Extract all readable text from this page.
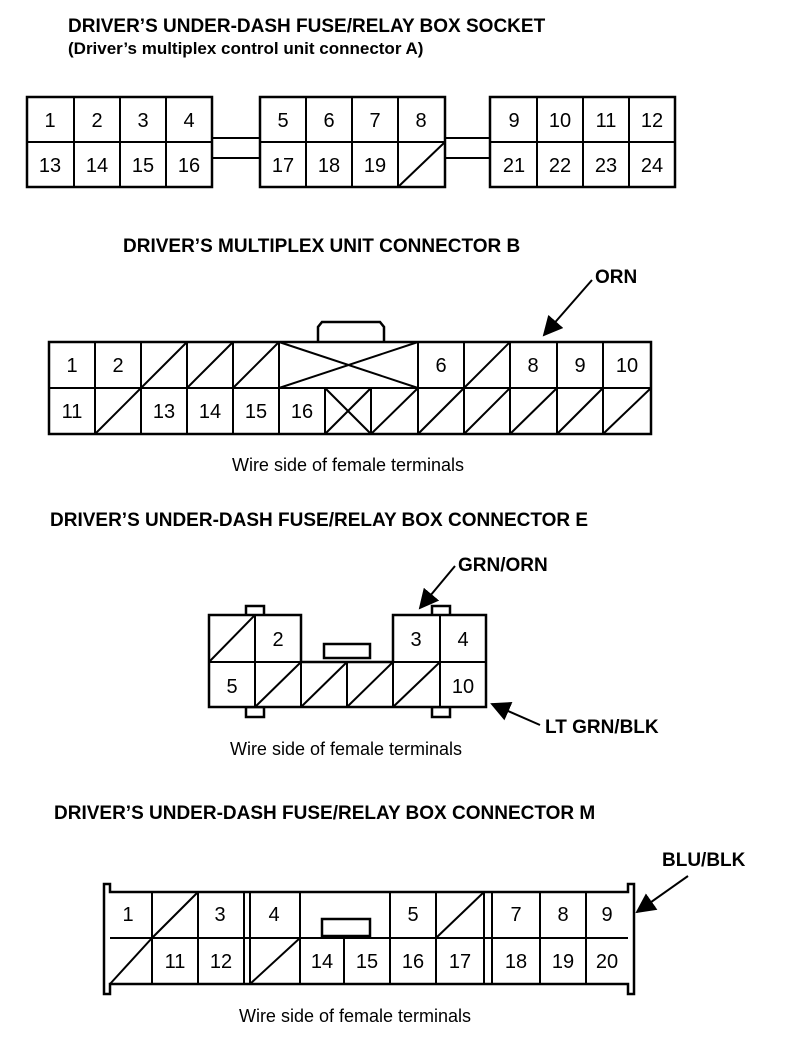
DRIVER’S UNDER-DASH FUSE/RELAY BOX SOCKET
(Driver’s multiplex control unit connector A)
1 2 3 4
13 14 15 16
5 6 7 8
17 18 19
9 10 11 12
21 22 23 24
DRIVER’S MULTIPLEX UNIT CONNECTOR B
ORN
1 2	6	8 9 10
11	13 14 15 16
Wire side of female terminals
DRIVER’S UNDER-DASH FUSE/RELAY BOX CONNECTOR E
GRN/ORN
2	3 4
5	10
LT GRN/BLK
Wire side of female terminals
DRIVER’S UNDER-DASH FUSE/RELAY BOX CONNECTOR M
BLU/BLK
1	3 4	5	7 8 9
11 12	14 15 16 17 18 19 20
Wire side of female terminals
